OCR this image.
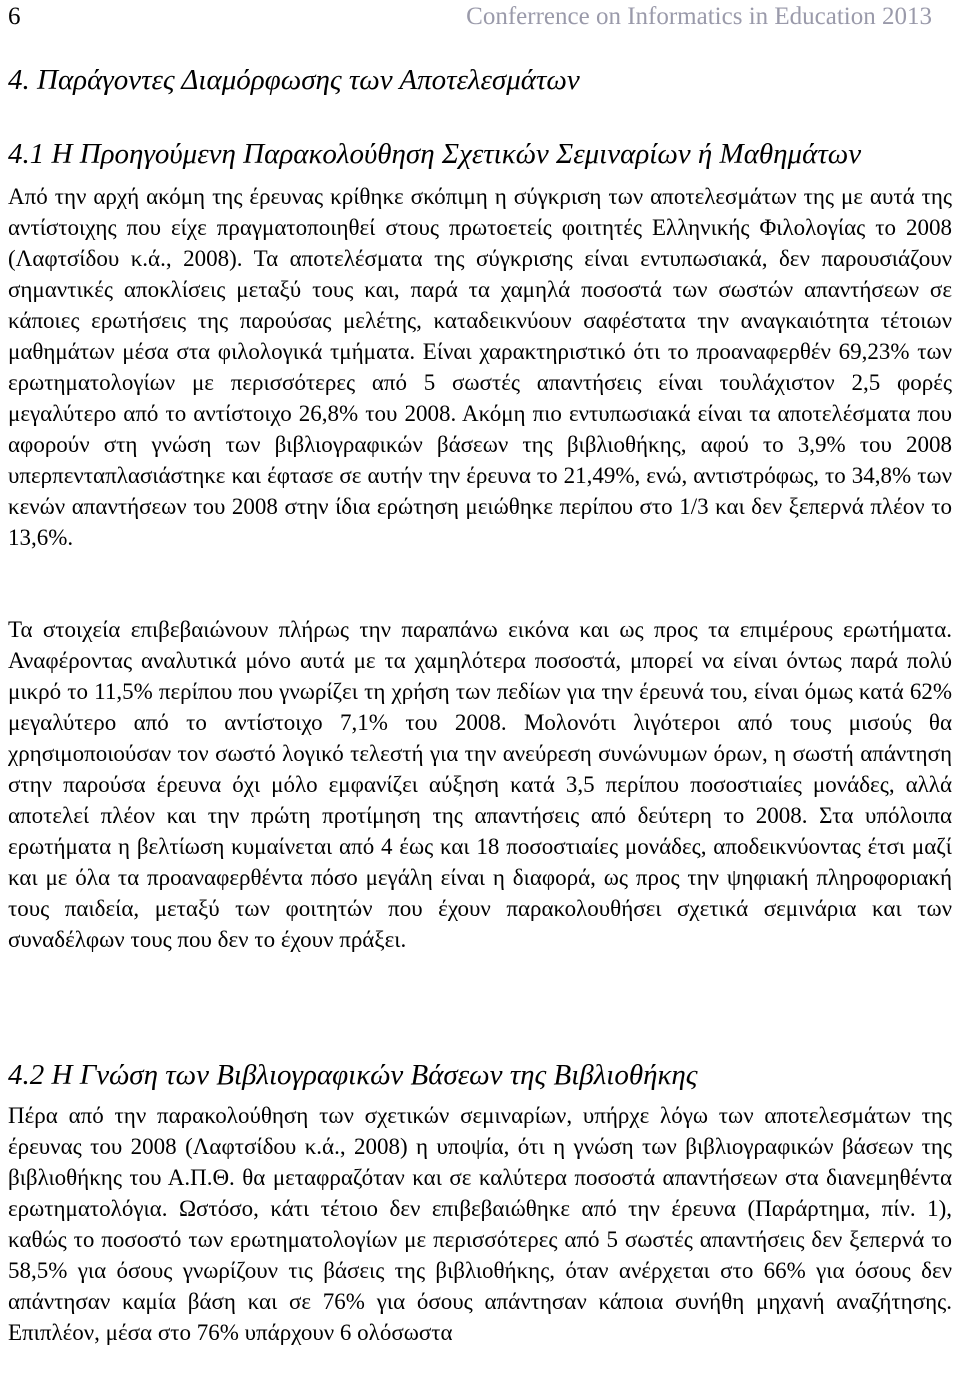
6	Conferrence on Informatics in Education 2013
4. Παράγοντες Διαμόρφωσης των Αποτελεσμάτων
4.1 Η Προηγούμενη Παρακολούθηση Σχετικών Σεμιναρίων ή Μαθημάτων

Από την αρχή ακόμη της έρευνας κρίθηκε σκόπιμη η σύγκριση των αποτελεσμάτων της με αυτά της αντίστοιχης που είχε πραγματοποιηθεί στους πρωτοετείς φοιτητές Ελληνικής Φιλολογίας το 2008 (Λαφτσίδου κ.ά., 2008). Τα αποτελέσματα της σύγκρισης είναι εντυπωσιακά, δεν παρουσιάζουν σημαντικές αποκλίσεις μεταξύ τους και, παρά τα χαμηλά ποσοστά των σωστών απαντήσεων σε κάποιες ερωτήσεις της παρούσας μελέτης, καταδεικνύουν σαφέστατα την αναγκαιότητα τέτοιων μαθημάτων μέσα στα φιλολογικά τμήματα. Είναι χαρακτηριστικό ότι το προαναφερθέν 69,23% των ερωτηματολογίων με περισσότερες από 5 σωστές απαντήσεις είναι τουλάχιστον 2,5 φορές μεγαλύτερο από το αντίστοιχο 26,8% του 2008. Ακόμη πιο εντυπωσιακά είναι τα αποτελέσματα που αφορούν στη γνώση των βιβλιογραφικών βάσεων της βιβλιοθήκης, αφού το 3,9% του 2008 υπερπενταπλασιάστηκε και έφτασε σε αυτήν την έρευνα το 21,49%, ενώ, αντιστρόφως, το 34,8% των κενών απαντήσεων του 2008 στην ίδια ερώτηση μειώθηκε περίπου στο 1/3 και δεν ξεπερνά πλέον το 13,6%.

Τα στοιχεία επιβεβαιώνουν πλήρως την παραπάνω εικόνα και ως προς τα επιμέρους ερωτήματα. Αναφέροντας αναλυτικά μόνο αυτά με τα χαμηλότερα ποσοστά, μπορεί να είναι όντως παρά πολύ μικρό το 11,5% περίπου που γνωρίζει τη χρήση των πεδίων για την έρευνά του, είναι όμως κατά 62% μεγαλύτερο από το αντίστοιχο 7,1% του 2008. Μολονότι λιγότεροι από τους μισούς θα χρησιμοποιούσαν τον σωστό λογικό τελεστή για την ανεύρεση συνώνυμων όρων, η σωστή απάντηση στην παρούσα έρευνα όχι μόλο εμφανίζει αύξηση κατά 3,5 περίπου ποσοστιαίες μονάδες, αλλά αποτελεί πλέον και την πρώτη προτίμηση της απαντήσεις από δεύτερη το 2008. Στα υπόλοιπα ερωτήματα η βελτίωση κυμαίνεται από 4 έως και 18 ποσοστιαίες μονάδες, αποδεικνύοντας έτσι μαζί και με όλα τα προαναφερθέντα πόσο μεγάλη είναι η διαφορά, ως προς την ψηφιακή πληροφοριακή τους παιδεία, μεταξύ των φοιτητών που έχουν παρακολουθήσει σχετικά σεμινάρια και των συναδέλφων τους που δεν το έχουν πράξει.

4.2 Η Γνώση των Βιβλιογραφικών Βάσεων της Βιβλιοθήκης

Πέρα από την παρακολούθηση των σχετικών σεμιναρίων, υπήρχε λόγω των αποτελεσμάτων της έρευνας του 2008 (Λαφτσίδου κ.ά., 2008) η υποψία, ότι η γνώση των βιβλιογραφικών βάσεων της βιβλιοθήκης του Α.Π.Θ. θα μεταφραζόταν και σε καλύτερα ποσοστά απαντήσεων στα διανεμηθέντα ερωτηματολόγια. Ωστόσο, κάτι τέτοιο δεν επιβεβαιώθηκε από την έρευνα (Παράρτημα, πίν. 1), καθώς το ποσοστό των ερωτηματολογίων με περισσότερες από 5 σωστές απαντήσεις δεν ξεπερνά το 58,5% για όσους γνωρίζουν τις βάσεις της βιβλιοθήκης, όταν ανέρχεται στο 66% για όσους δεν απάντησαν καμία βάση και σε 76% για όσους απάντησαν κάποια συνήθη μηχανή αναζήτησης. Επιπλέον, μέσα στο 76% υπάρχουν 6 ολόσωστα
